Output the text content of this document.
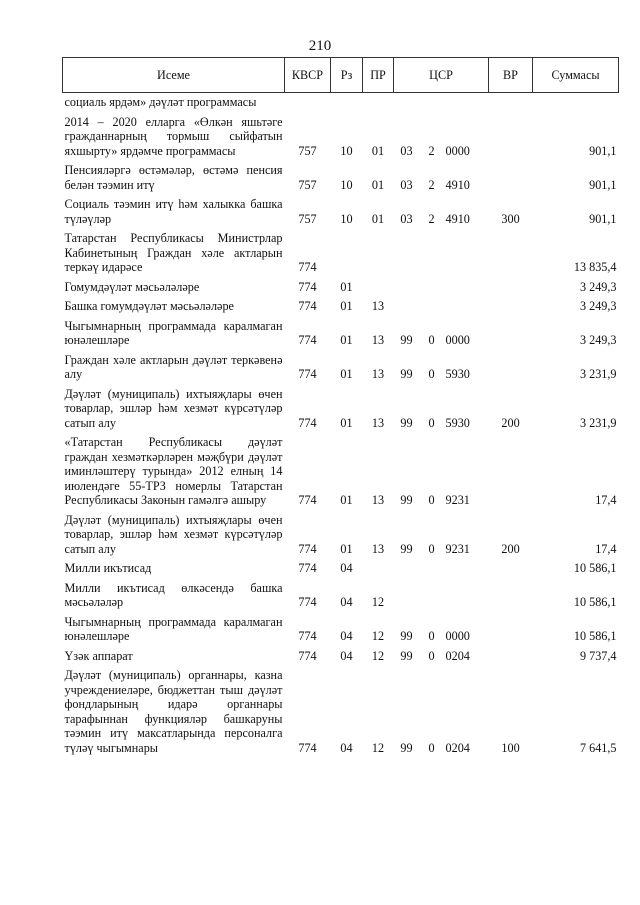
210
Исеме	КВСР	Рз	ПР	ЦСР			ВР	Суммасы
социаль ярдәм» дәүләт программасы								
2014 – 2020 елларга «Өлкән яшьтәге гражданнарның тормыш сыйфатын яхшырту» ярдәмче программасы	757	10	01	03	2	0000		901,1
Пенсияләргә өстәмәләр, өстәмә пенсия белән тәэмин итү	757	10	01	03	2	4910		901,1
Социаль тәэмин итү һәм халыкка башка түләүләр	757	10	01	03	2	4910	300	901,1
Татарстан Республикасы Министрлар Кабинетының Граждан хәле актларын теркәү идарәсе	774							13 835,4
Гомумдәүләт мәсьәләләре	774	01						3 249,3
Башка гомумдәүләт мәсьәләләре	774	01	13					3 249,3
Чыгымнарның программада каралмаган юнәлешләре	774	01	13	99	0	0000		3 249,3
Граждан хәле актларын дәүләт теркәвенә алу	774	01	13	99	0	5930		3 231,9
Дәүләт (муниципаль) ихтыяҗлары өчен товарлар, эшләр һәм хезмәт күрсәтүләр сатып алу	774	01	13	99	0	5930	200	3 231,9
«Татарстан Республикасы дәүләт граждан хезмәткәрләрен мәҗбүри дәүләт иминләштерү турында» 2012 елның 14 июлендәге 55-ТРЗ номерлы Татарстан Республикасы Законын гамәлгә ашыру	774	01	13	99	0	9231		17,4
Дәүләт (муниципаль) ихтыяҗлары өчен товарлар, эшләр һәм хезмәт күрсәтүләр сатып алу	774	01	13	99	0	9231	200	17,4
Милли икътисад	774	04						10 586,1
Милли икътисад өлкәсендә башка мәсьәләләр	774	04	12					10 586,1
Чыгымнарның программада каралмаган юнәлешләре	774	04	12	99	0	0000		10 586,1
Үзәк аппарат	774	04	12	99	0	0204		9 737,4
Дәүләт (муниципаль) органнары, казна учреждениеләре, бюджеттан тыш дәүләт фондларының идарә органнары тарафыннан функцияләр башкаруны тәэмин итү максатларында персоналга түләү чыгымнары	774	04	12	99	0	0204	100	7 641,5
